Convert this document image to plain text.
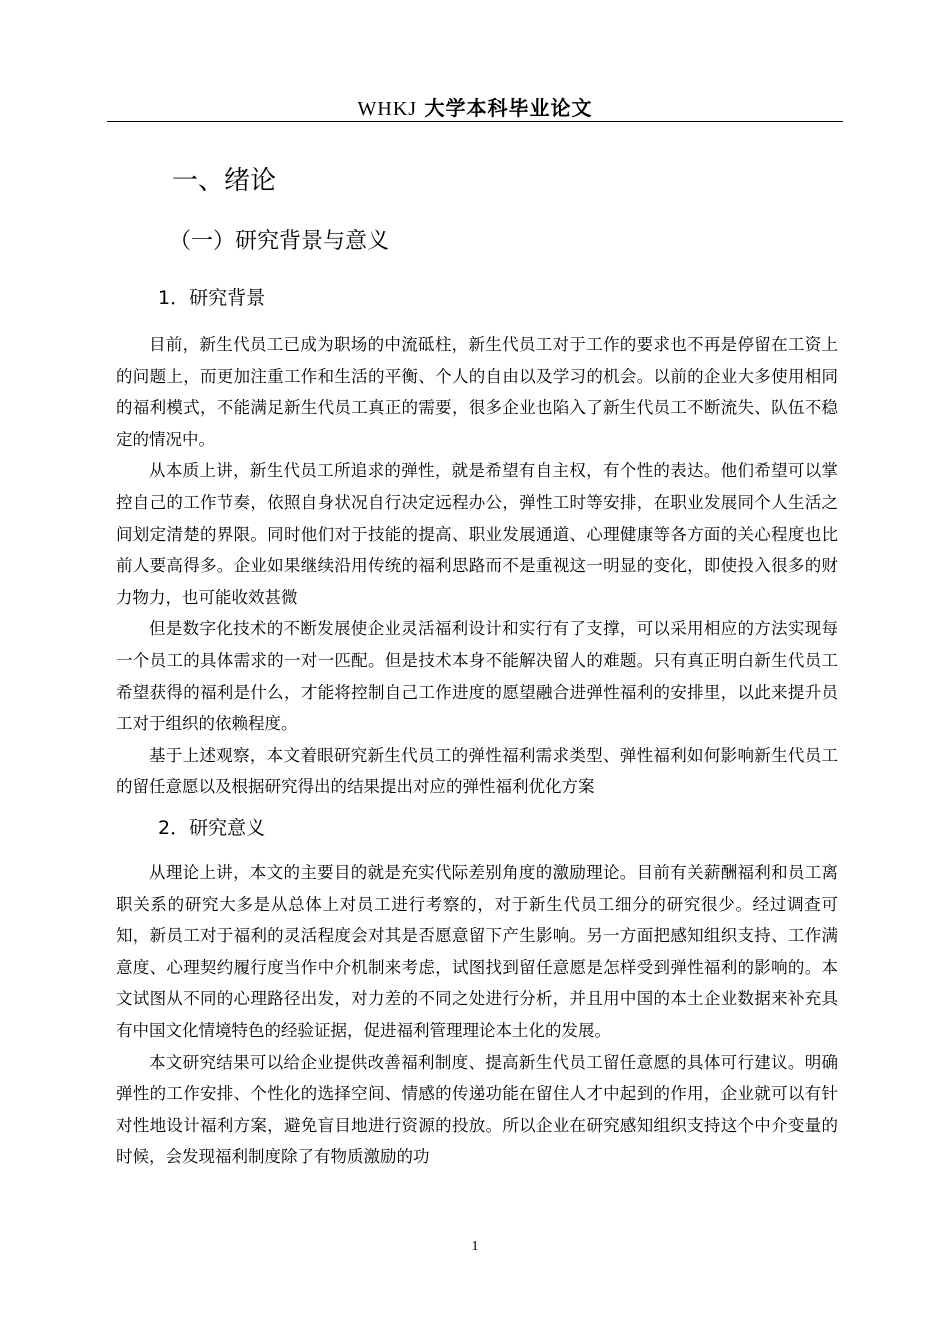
WHKJ 大学本科毕业论文
一、绪论
（一）研究背景与意义
1．研究背景

目前，新生代员工已成为职场的中流砥柱，新生代员工对于工作的要求也不再是停留在工资上的问题上，而更加注重工作和生活的平衡、个人的自由以及学习的机会。以前的企业大多使用相同的福利模式，不能满足新生代员工真正的需要，很多企业也陷入了新生代员工不断流失、队伍不稳定的情况中。

从本质上讲，新生代员工所追求的弹性，就是希望有自主权，有个性的表达。他们希望可以掌控自己的工作节奏，依照自身状况自行决定远程办公，弹性工时等安排，在职业发展同个人生活之间划定清楚的界限。同时他们对于技能的提高、职业发展通道、心理健康等各方面的关心程度也比前人要高得多。企业如果继续沿用传统的福利思路而不是重视这一明显的变化，即使投入很多的财力物力，也可能收效甚微

但是数字化技术的不断发展使企业灵活福利设计和实行有了支撑，可以采用相应的方法实现每一个员工的具体需求的一对一匹配。但是技术本身不能解决留人的难题。只有真正明白新生代员工希望获得的福利是什么，才能将控制自己工作进度的愿望融合进弹性福利的安排里，以此来提升员工对于组织的依赖程度。

基于上述观察，本文着眼研究新生代员工的弹性福利需求类型、弹性福利如何影响新生代员工的留任意愿以及根据研究得出的结果提出对应的弹性福利优化方案

2．研究意义

从理论上讲，本文的主要目的就是充实代际差别角度的激励理论。目前有关薪酬福利和员工离职关系的研究大多是从总体上对员工进行考察的，对于新生代员工细分的研究很少。经过调查可知，新员工对于福利的灵活程度会对其是否愿意留下产生影响。另一方面把感知组织支持、工作满意度、心理契约履行度当作中介机制来考虑，试图找到留任意愿是怎样受到弹性福利的影响的。本文试图从不同的心理路径出发，对力差的不同之处进行分析，并且用中国的本土企业数据来补充具有中国文化情境特色的经验证据，促进福利管理理论本土化的发展。

本文研究结果可以给企业提供改善福利制度、提高新生代员工留任意愿的具体可行建议。明确弹性的工作安排、个性化的选择空间、情感的传递功能在留住人才中起到的作用，企业就可以有针对性地设计福利方案，避免盲目地进行资源的投放。所以企业在研究感知组织支持这个中介变量的时候，会发现福利制度除了有物质激励的功

1
